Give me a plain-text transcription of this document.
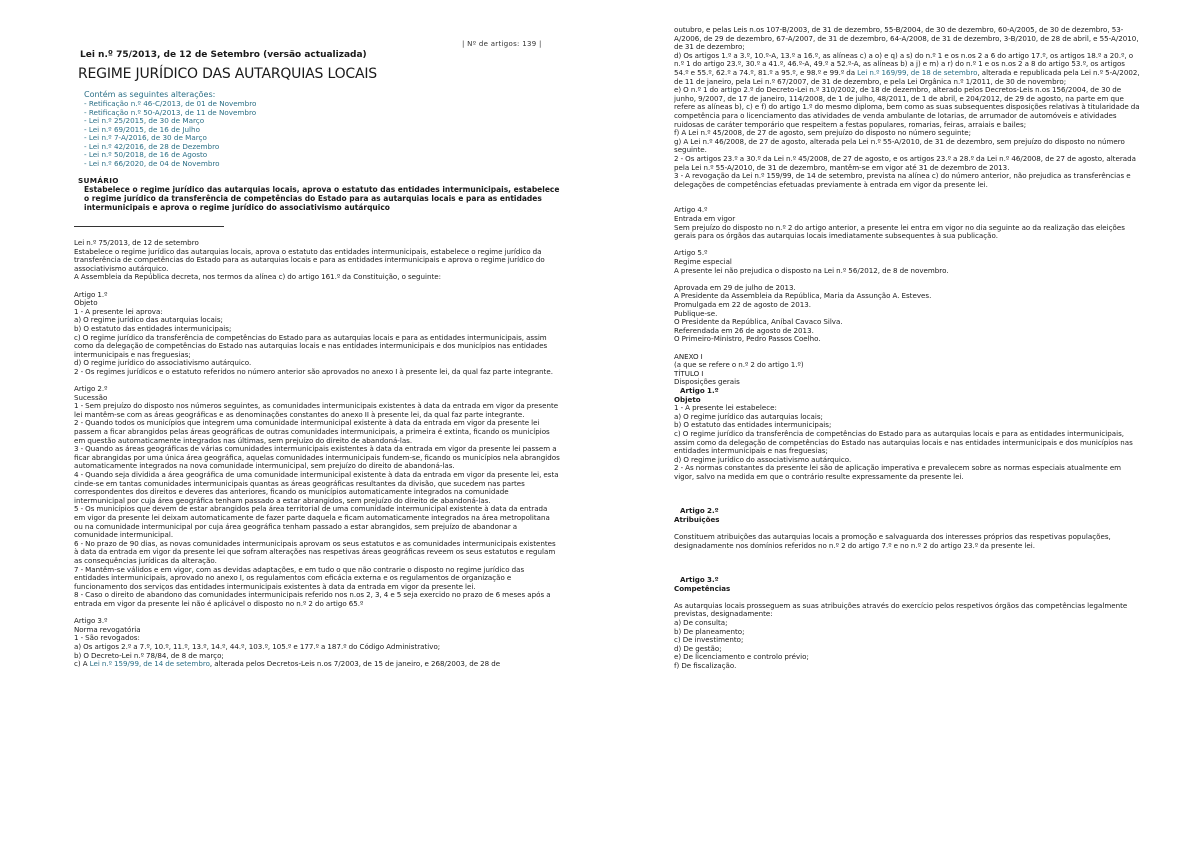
| Nº de artigos: 139 |
Lei n.º 75/2013, de 12 de Setembro (versão actualizada)
REGIME JURÍDICO DAS AUTARQUIAS LOCAIS
Contém as seguintes alterações:
- Retificação n.º 46-C/2013, de 01 de Novembro
- Retificação n.º 50-A/2013, de 11 de Novembro
- Lei n.º 25/2015, de 30 de Março
- Lei n.º 69/2015, de 16 de Julho
- Lei n.º 7-A/2016, de 30 de Março
- Lei n.º 42/2016, de 28 de Dezembro
- Lei n.º 50/2018, de 16 de Agosto
- Lei n.º 66/2020, de 04 de Novembro
SUMÁRIO
Estabelece o regime jurídico das autarquias locais, aprova o estatuto das entidades intermunicipais, estabelece o regime jurídico da transferência de competências do Estado para as autarquias locais e para as entidades intermunicipais e aprova o regime jurídico do associativismo autárquico

Lei n.º 75/2013, de 12 de setembro

Estabelece o regime jurídico das autarquias locais, aprova o estatuto das entidades intermunicipais, estabelece o regime jurídico da transferência de competências do Estado para as autarquias locais e para as entidades intermunicipais e aprova o regime jurídico do associativismo autárquico.

A Assembleia da República decreta, nos termos da alínea c) do artigo 161.º da Constituição, o seguinte:

Artigo 1.º

Objeto

1 - A presente lei aprova:

a) O regime jurídico das autarquias locais;

b) O estatuto das entidades intermunicipais;

c) O regime jurídico da transferência de competências do Estado para as autarquias locais e para as entidades intermunicipais, assim como da delegação de competências do Estado nas autarquias locais e nas entidades intermunicipais e dos municípios nas entidades intermunicipais e nas freguesias;

d) O regime jurídico do associativismo autárquico.

2 - Os regimes jurídicos e o estatuto referidos no número anterior são aprovados no anexo I à presente lei, da qual faz parte integrante.

Artigo 2.º

Sucessão

1 - Sem prejuízo do disposto nos números seguintes, as comunidades intermunicipais existentes à data da entrada em vigor da presente lei mantêm-se com as áreas geográficas e as denominações constantes do anexo II à presente lei, da qual faz parte integrante.

2 - Quando todos os municípios que integrem uma comunidade intermunicipal existente à data da entrada em vigor da presente lei passem a ficar abrangidos pelas áreas geográficas de outras comunidades intermunicipais, a primeira é extinta, ficando os municípios em questão automaticamente integrados nas últimas, sem prejuízo do direito de abandoná-las.

3 - Quando as áreas geográficas de várias comunidades intermunicipais existentes à data da entrada em vigor da presente lei passem a ficar abrangidas por uma única área geográfica, aquelas comunidades intermunicipais fundem-se, ficando os municípios nela abrangidos automaticamente integrados na nova comunidade intermunicipal, sem prejuízo do direito de abandoná-las.

4 - Quando seja dividida a área geográfica de uma comunidade intermunicipal existente à data da entrada em vigor da presente lei, esta cinde-se em tantas comunidades intermunicipais quantas as áreas geográficas resultantes da divisão, que sucedem nas partes correspondentes dos direitos e deveres das anteriores, ficando os municípios automaticamente integrados na comunidade intermunicipal por cuja área geográfica tenham passado a estar abrangidos, sem prejuízo do direito de abandoná-las.

5 - Os municípios que devem de estar abrangidos pela área territorial de uma comunidade intermunicipal existente à data da entrada em vigor da presente lei deixam automaticamente de fazer parte daquela e ficam automaticamente integrados na área metropolitana ou na comunidade intermunicipal por cuja área geográfica tenham passado a estar abrangidos, sem prejuízo de abandonar a comunidade intermunicipal.

6 - No prazo de 90 dias, as novas comunidades intermunicipais aprovam os seus estatutos e as comunidades intermunicipais existentes à data da entrada em vigor da presente lei que sofram alterações nas respetivas áreas geográficas reveem os seus estatutos e regulam as consequências jurídicas da alteração.

7 - Mantêm-se válidos e em vigor, com as devidas adaptações, e em tudo o que não contrarie o disposto no regime jurídico das entidades intermunicipais, aprovado no anexo I, os regulamentos com eficácia externa e os regulamentos de organização e funcionamento dos serviços das entidades intermunicipais existentes à data da entrada em vigor da presente lei.

8 - Caso o direito de abandono das comunidades intermunicipais referido nos n.os 2, 3, 4 e 5 seja exercido no prazo de 6 meses após a entrada em vigor da presente lei não é aplicável o disposto no n.º 2 do artigo 65.º

Artigo 3.º

Norma revogatória

1 - São revogados:

a) Os artigos 2.º a 7.º, 10.º, 11.º, 13.º, 14.º, 44.º, 103.º, 105.º e 177.º a 187.º do Código Administrativo;

b) O Decreto-Lei n.º 78/84, de 8 de março;

c) A Lei n.º 159/99, de 14 de setembro, alterada pelos Decretos-Leis n.os 7/2003, de 15 de janeiro, e 268/2003, de 28 de

outubro, e pelas Leis n.os 107-B/2003, de 31 de dezembro, 55-B/2004, de 30 de dezembro, 60-A/2005, de 30 de dezembro, 53-A/2006, de 29 de dezembro, 67-A/2007, de 31 de dezembro, 64-A/2008, de 31 de dezembro, 3-B/2010, de 28 de abril, e 55-A/2010, de 31 de dezembro;

d) Os artigos 1.º a 3.º, 10.º-A, 13.º a 16.º, as alíneas c) a o) e q) a s) do n.º 1 e os n.os 2 a 6 do artigo 17.º, os artigos 18.º a 20.º, o n.º 1 do artigo 23.º, 30.º a 41.º, 46.º-A, 49.º a 52.º-A, as alíneas b) a j) e m) a r) do n.º 1 e os n.os 2 a 8 do artigo 53.º, os artigos 54.º e 55.º, 62.º a 74.º, 81.º a 95.º, e 98.º e 99.º da Lei n.º 169/99, de 18 de setembro, alterada e republicada pela Lei n.º 5-A/2002, de 11 de janeiro, pela Lei n.º 67/2007, de 31 de dezembro, e pela Lei Orgânica n.º 1/2011, de 30 de novembro;

e) O n.º 1 do artigo 2.º do Decreto-Lei n.º 310/2002, de 18 de dezembro, alterado pelos Decretos-Leis n.os 156/2004, de 30 de junho, 9/2007, de 17 de janeiro, 114/2008, de 1 de julho, 48/2011, de 1 de abril, e 204/2012, de 29 de agosto, na parte em que refere as alíneas b), c) e f) do artigo 1.º do mesmo diploma, bem como as suas subsequentes disposições relativas à titularidade da competência para o licenciamento das atividades de venda ambulante de lotarias, de arrumador de automóveis e atividades ruidosas de caráter temporário que respeitem a festas populares, romarias, feiras, arraiais e bailes;

f) A Lei n.º 45/2008, de 27 de agosto, sem prejuízo do disposto no número seguinte;

g) A Lei n.º 46/2008, de 27 de agosto, alterada pela Lei n.º 55-A/2010, de 31 de dezembro, sem prejuízo do disposto no número seguinte.

2 - Os artigos 23.º a 30.º da Lei n.º 45/2008, de 27 de agosto, e os artigos 23.º a 28.º da Lei n.º 46/2008, de 27 de agosto, alterada pela Lei n.º 55-A/2010, de 31 de dezembro, mantêm-se em vigor até 31 de dezembro de 2013.

3 - A revogação da Lei n.º 159/99, de 14 de setembro, prevista na alínea c) do número anterior, não prejudica as transferências e delegações de competências efetuadas previamente à entrada em vigor da presente lei.

Artigo 4.º

Entrada em vigor

Sem prejuízo do disposto no n.º 2 do artigo anterior, a presente lei entra em vigor no dia seguinte ao da realização das eleições gerais para os órgãos das autarquias locais imediatamente subsequentes à sua publicação.

Artigo 5.º

Regime especial

A presente lei não prejudica o disposto na Lei n.º 56/2012, de 8 de novembro.

Aprovada em 29 de julho de 2013.

A Presidente da Assembleia da República, Maria da Assunção A. Esteves.

Promulgada em 22 de agosto de 2013.

Publique-se.

O Presidente da República, Aníbal Cavaco Silva.

Referendada em 26 de agosto de 2013.

O Primeiro-Ministro, Pedro Passos Coelho.

ANEXO I

(a que se refere o n.º 2 do artigo 1.º)

TÍTULO I

Disposições gerais

Artigo 1.º

Objeto

1 - A presente lei estabelece:

a) O regime jurídico das autarquias locais;

b) O estatuto das entidades intermunicipais;

c) O regime jurídico da transferência de competências do Estado para as autarquias locais e para as entidades intermunicipais, assim como da delegação de competências do Estado nas autarquias locais e nas entidades intermunicipais e dos municípios nas entidades intermunicipais e nas freguesias;

d) O regime jurídico do associativismo autárquico.

2 - As normas constantes da presente lei são de aplicação imperativa e prevalecem sobre as normas especiais atualmente em vigor, salvo na medida em que o contrário resulte expressamente da presente lei.

Artigo 2.º

Atribuições

Constituem atribuições das autarquias locais a promoção e salvaguarda dos interesses próprios das respetivas populações, designadamente nos domínios referidos no n.º 2 do artigo 7.º e no n.º 2 do artigo 23.º da presente lei.

Artigo 3.º

Competências

As autarquias locais prosseguem as suas atribuições através do exercício pelos respetivos órgãos das competências legalmente previstas, designadamente:

a) De consulta;

b) De planeamento;

c) De investimento;

d) De gestão;

e) De licenciamento e controlo prévio;

f) De fiscalização.
